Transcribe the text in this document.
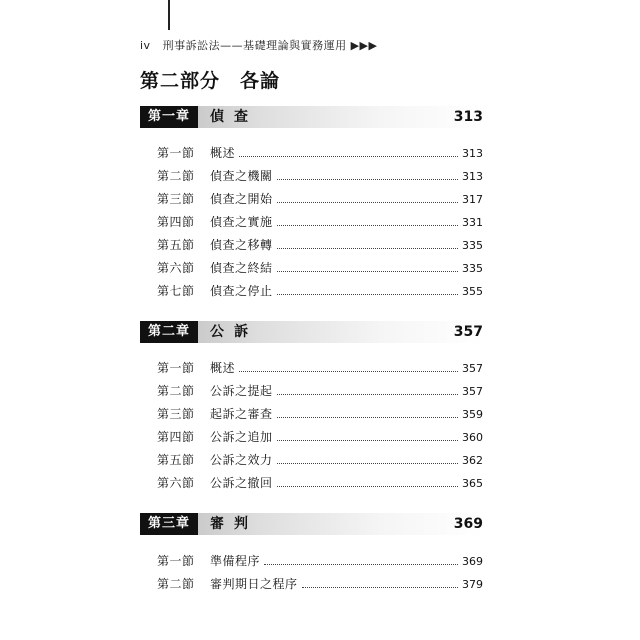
iv 刑事訴訟法——基礎理論與實務運用 ▶▶▶
第二部分　各論
第一章	偵查	313
第一節 概述	313
第二節 偵查之機關	313
第三節 偵查之開始	317
第四節 偵查之實施	331
第五節 偵查之移轉	335
第六節 偵查之終結	335
第七節 偵查之停止	355
第二章	公訴	357
第一節 概述	357
第二節 公訴之提起	357
第三節 起訴之審查	359
第四節 公訴之追加	360
第五節 公訴之效力	362
第六節 公訴之撤回	365
第三章	審判	369
第一節 準備程序	369
第二節 審判期日之程序	379
